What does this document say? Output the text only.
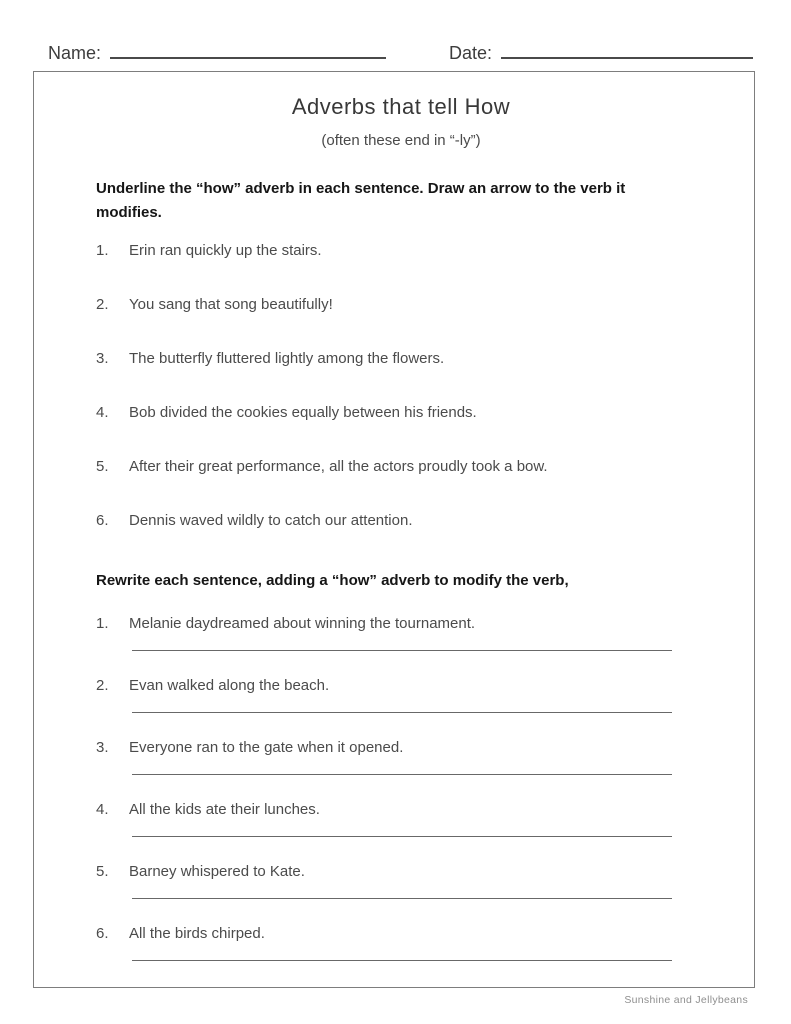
Name:	Date:
Adverbs that tell How
(often these end in “-ly”)

Underline the “how” adverb in each sentence. Draw an arrow to the verb it modifies.

1. Erin ran quickly up the stairs.
2. You sang that song beautifully!
3. The butterfly fluttered lightly among the flowers.
4. Bob divided the cookies equally between his friends.
5. After their great performance, all the actors proudly took a bow.
6. Dennis waved wildly to catch our attention.

Rewrite each sentence, adding a “how” adverb to modify the verb,

1. Melanie daydreamed about winning the tournament.
2. Evan walked along the beach.
3. Everyone ran to the gate when it opened.
4. All the kids ate their lunches.
5. Barney whispered to Kate.
6. All the birds chirped.
Sunshine and Jellybeans
